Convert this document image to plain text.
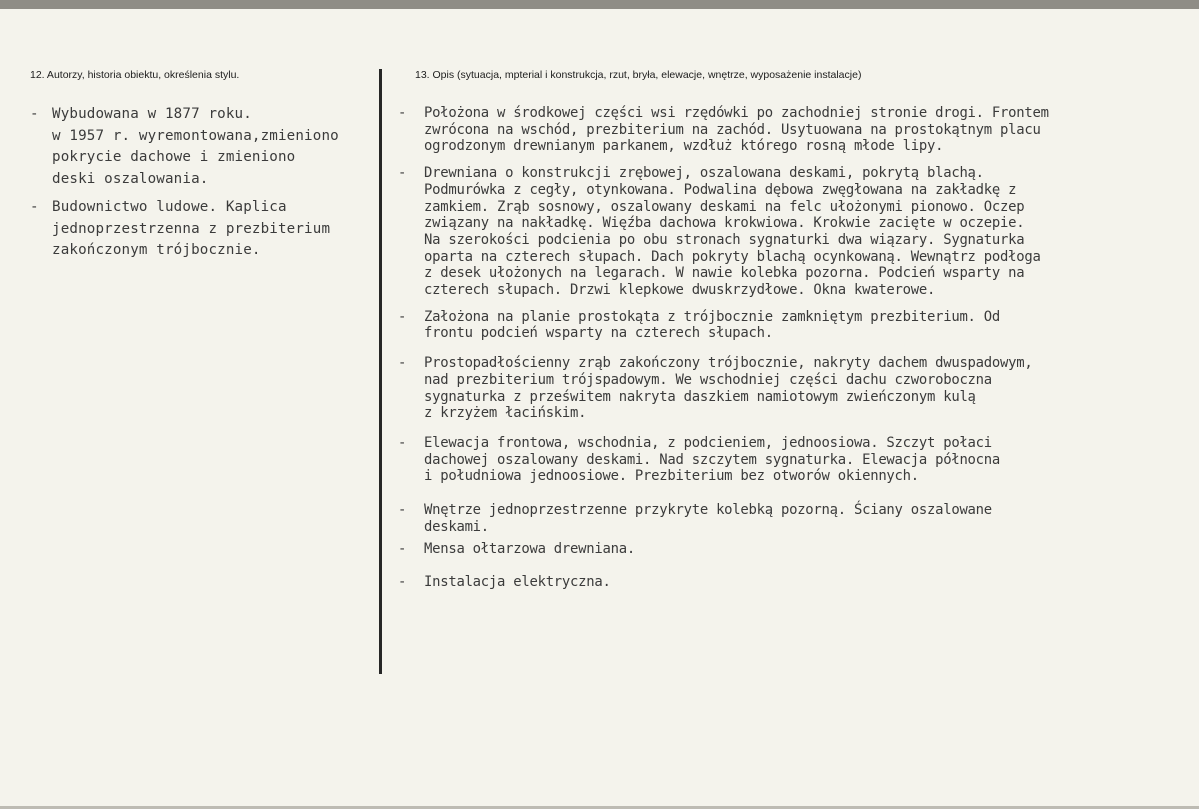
12. Autorzy, historia obiektu, określenia stylu.	13. Opis (sytuacja, mpterial i konstrukcja, rzut, bryła, elewacje, wnętrze, wyposażenie instalacje)
- Wybudowana w 1877 roku.
w 1957 r. wyremontowana,zmieniono
pokrycie dachowe i zmieniono
deski oszalowania.
- Budownictwo ludowe. Kaplica
jednoprzestrzenna z prezbiterium
zakończonym trójbocznie.
-	Położona w środkowej części wsi rzędówki po zachodniej stronie drogi. Frontem
zwrócona na wschód, prezbiterium na zachód. Usytuowana na prostokątnym placu
ogrodzonym drewnianym parkanem, wzdłuż którego rosną młode lipy.
-	Drewniana o konstrukcji zrębowej, oszalowana deskami, pokrytą blachą.
Podmurówka z cegły, otynkowana. Podwalina dębowa zwęgłowana na zakładkę z
zamkiem. Zrąb sosnowy, oszalowany deskami na felc ułożonymi pionowo. Oczep
związany na nakładkę. Więźba dachowa krokwiowa. Krokwie zacięte w oczepie.
Na szerokości podcienia po obu stronach sygnaturki dwa wiązary. Sygnaturka
oparta na czterech słupach. Dach pokryty blachą ocynkowaną. Wewnątrz podłoga
z desek ułożonych na legarach. W nawie kolebka pozorna. Podcień wsparty na
czterech słupach. Drzwi klepkowe dwuskrzydłowe. Okna kwaterowe.
-	Założona na planie prostokąta z trójbocznie zamkniętym prezbiterium. Od
frontu podcień wsparty na czterech słupach.
-	Prostopadłościenny zrąb zakończony trójbocznie, nakryty dachem dwuspadowym,
nad prezbiterium trójspadowym. We wschodniej części dachu czworoboczna
sygnaturka z prześwitem nakryta daszkiem namiotowym zwieńczonym kulą
z krzyżem łacińskim.
-	Elewacja frontowa, wschodnia, z podcieniem, jednoosiowa. Szczyt połaci
dachowej oszalowany deskami. Nad szczytem sygnaturka. Elewacja północna
i południowa jednoosiowe. Prezbiterium bez otworów okiennych.
-	Wnętrze jednoprzestrzenne przykryte kolebką pozorną. Ściany oszalowane
deskami.
-	Mensa ołtarzowa drewniana.
-	Instalacja elektryczna.
